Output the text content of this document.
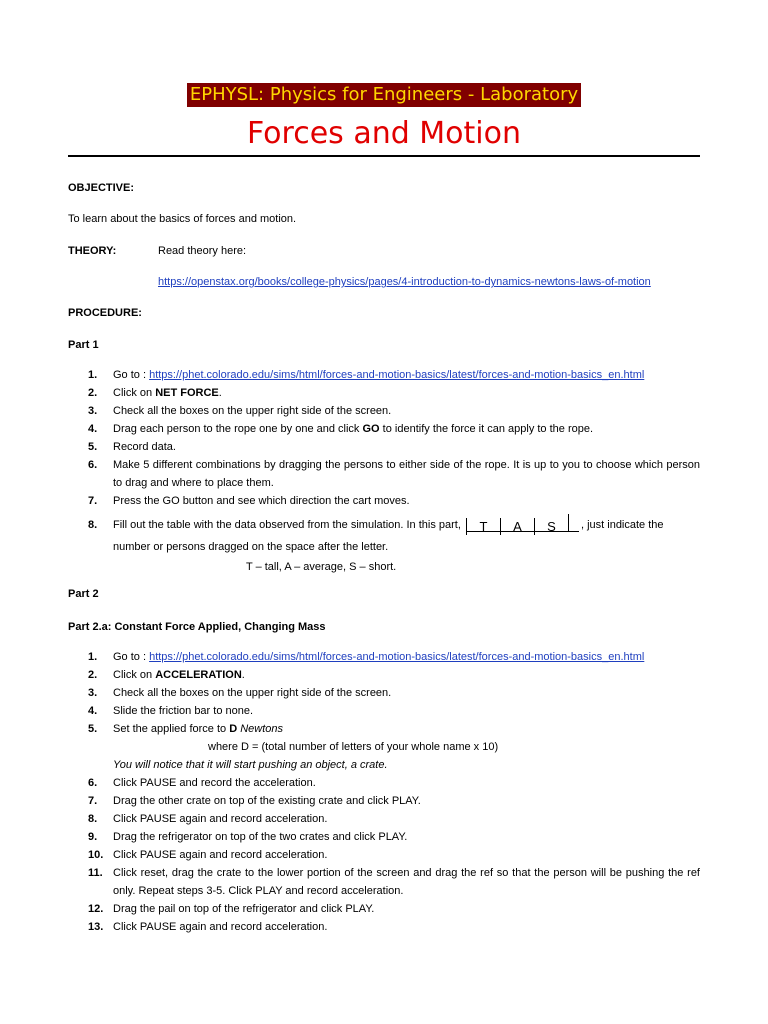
EPHYSL: Physics for Engineers - Laboratory
Forces and Motion
OBJECTIVE:
To learn about the basics of forces and motion.
THEORY:	Read theory here:
https://openstax.org/books/college-physics/pages/4-introduction-to-dynamics-newtons-laws-of-motion
PROCEDURE:
Part 1
1. Go to : https://phet.colorado.edu/sims/html/forces-and-motion-basics/latest/forces-and-motion-basics_en.html
2. Click on NET FORCE.
3. Check all the boxes on the upper right side of the screen.
4. Drag each person to the rope one by one and click GO to identify the force it can apply to the rope.
5. Record data.
6. Make 5 different combinations by dragging the persons to either side of the rope. It is up to you to choose which person to drag and where to place them.
7. Press the GO button and see which direction the cart moves.
8. Fill out the table with the data observed from the simulation. In this part, T A S , just indicate the number or persons dragged on the space after the letter.
T – tall, A – average, S – short.
Part 2
Part 2.a: Constant Force Applied, Changing Mass
1. Go to : https://phet.colorado.edu/sims/html/forces-and-motion-basics/latest/forces-and-motion-basics_en.html
2. Click on ACCELERATION.
3. Check all the boxes on the upper right side of the screen.
4. Slide the friction bar to none.
5. Set the applied force to D Newtons
where D = (total number of letters of your whole name x 10)
You will notice that it will start pushing an object, a crate.
6. Click PAUSE and record the acceleration.
7. Drag the other crate on top of the existing crate and click PLAY.
8. Click PAUSE again and record acceleration.
9. Drag the refrigerator on top of the two crates and click PLAY.
10. Click PAUSE again and record acceleration.
11. Click reset, drag the crate to the lower portion of the screen and drag the ref so that the person will be pushing the ref only. Repeat steps 3-5. Click PLAY and record acceleration.
12. Drag the pail on top of the refrigerator and click PLAY.
13. Click PAUSE again and record acceleration.
